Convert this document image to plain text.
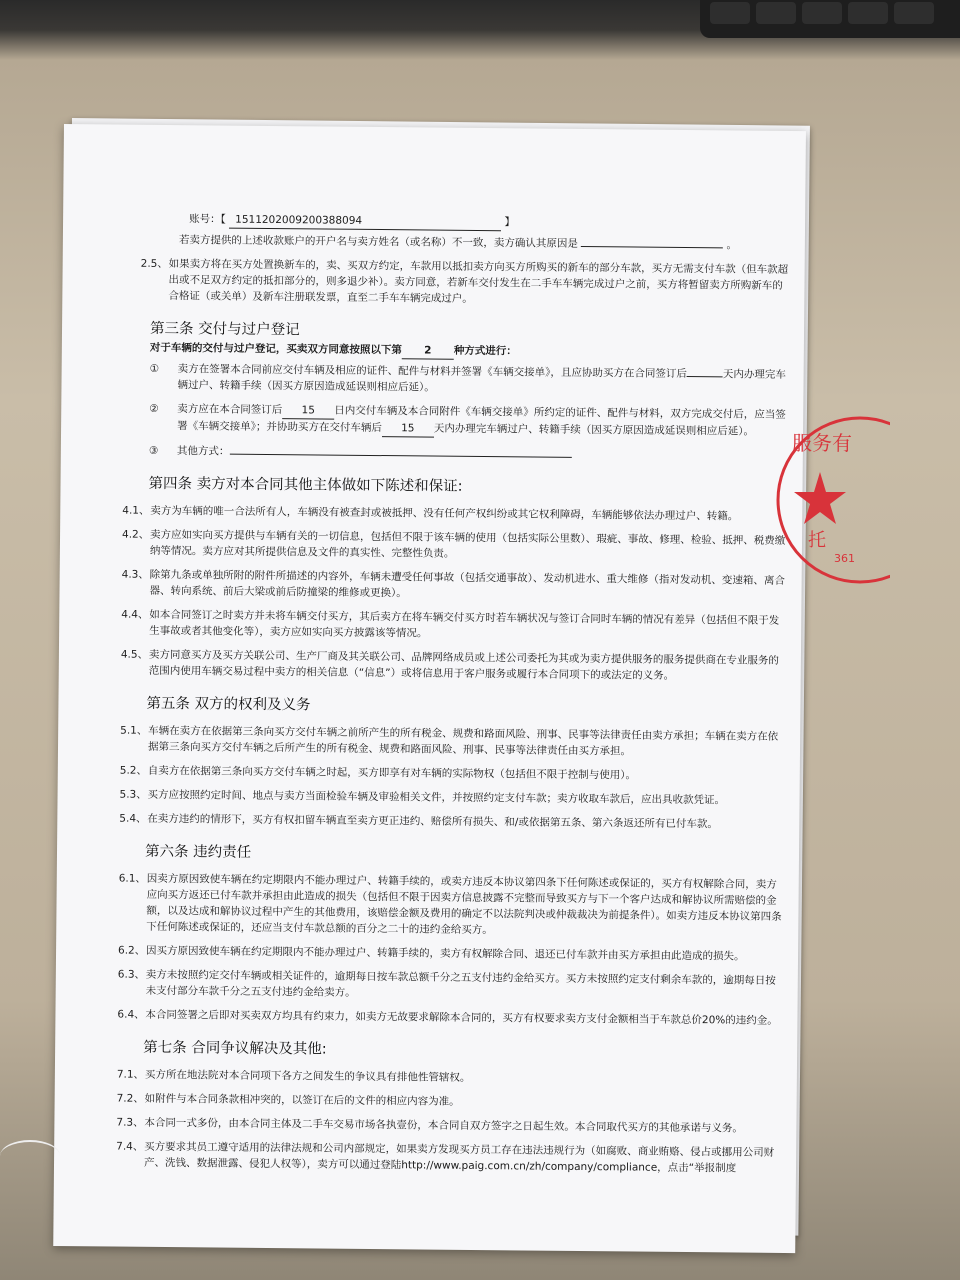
账号：【 1511202009200388094	】
若卖方提供的上述收款账户的开户名与卖方姓名（或名称）不一致，卖方确认其原因是	。
2.5、 如果卖方将在买方处置换新车的，卖、买双方约定，车款用以抵扣卖方向买方所购买的新车的部分车款，买方无需支付车款（但车款超出或不足双方约定的抵扣部分的，则多退少补）。卖方同意，若新车交付发生在二手车车辆完成过户之前，买方将暂留卖方所购新车的合格证（或关单）及新车注册联发票，直至二手车车辆完成过户。
第三条 交付与过户登记
对于车辆的交付与过户登记，买卖双方同意按照以下第 2 种方式进行：
①	卖方在签署本合同前应交付车辆及相应的证件、配件与材料并签署《车辆交接单》，且应协助买方在合同签订后	天内办理完车辆过户、转籍手续（因买方原因造成延误则相应后延）。
②	卖方应在本合同签订后 15 日内交付车辆及本合同附件《车辆交接单》所约定的证件、配件与材料，双方完成交付后，应当签署《车辆交接单》；并协助买方在交付车辆后 15 天内办理完车辆过户、转籍手续（因买方原因造成延误则相应后延）。
③	其他方式：
第四条 卖方对本合同其他主体做如下陈述和保证:
4.1、 卖方为车辆的唯一合法所有人，车辆没有被查封或被抵押、没有任何产权纠纷或其它权利障碍，车辆能够依法办理过户、转籍。
4.2、 卖方应如实向买方提供与车辆有关的一切信息，包括但不限于该车辆的使用（包括实际公里数）、瑕疵、事故、修理、检验、抵押、税费缴纳等情况。卖方应对其所提供信息及文件的真实性、完整性负责。
4.3、 除第九条或单独所附的附件所描述的内容外，车辆未遭受任何事故（包括交通事故）、发动机进水、重大维修（指对发动机、变速箱、离合器、转向系统、前后大梁或前后防撞梁的维修或更换）。
4.4、 如本合同签订之时卖方并未将车辆交付买方，其后卖方在将车辆交付买方时若车辆状况与签订合同时车辆的情况有差异（包括但不限于发生事故或者其他变化等），卖方应如实向买方披露该等情况。
4.5、 卖方同意买方及买方关联公司、生产厂商及其关联公司、品牌网络成员或上述公司委托为其或为卖方提供服务的服务提供商在专业服务的范围内使用车辆交易过程中卖方的相关信息（“信息”）或将信息用于客户服务或履行本合同项下的或法定的义务。
第五条 双方的权利及义务
5.1、 车辆在卖方在依据第三条向买方交付车辆之前所产生的所有税金、规费和路面风险、刑事、民事等法律责任由卖方承担；车辆在卖方在依据第三条向买方交付车辆之后所产生的所有税金、规费和路面风险、刑事、民事等法律责任由买方承担。
5.2、 自卖方在依据第三条向买方交付车辆之时起，买方即享有对车辆的实际物权（包括但不限于控制与使用）。
5.3、 买方应按照约定时间、地点与卖方当面检验车辆及审验相关文件，并按照约定支付车款；卖方收取车款后，应出具收款凭证。
5.4、 在卖方违约的情形下，买方有权扣留车辆直至卖方更正违约、赔偿所有损失、和/或依据第五条、第六条返还所有已付车款。
第六条 违约责任
6.1、 因卖方原因致使车辆在约定期限内不能办理过户、转籍手续的，或卖方违反本协议第四条下任何陈述或保证的，买方有权解除合同，卖方应向买方返还已付车款并承担由此造成的损失（包括但不限于因卖方信息披露不完整而导致买方与下一个客户达成和解协议所需赔偿的金额，以及达成和解协议过程中产生的其他费用，该赔偿金额及费用的确定不以法院判决或仲裁裁决为前提条件）。如卖方违反本协议第四条下任何陈述或保证的，还应当支付车款总额的百分之二十的违约金给买方。
6.2、 因买方原因致使车辆在约定期限内不能办理过户、转籍手续的，卖方有权解除合同、退还已付车款并由买方承担由此造成的损失。
6.3、 卖方未按照约定交付车辆或相关证件的，逾期每日按车款总额千分之五支付违约金给买方。买方未按照约定支付剩余车款的，逾期每日按未支付部分车款千分之五支付违约金给卖方。
6.4、 本合同签署之后即对买卖双方均具有约束力，如卖方无故要求解除本合同的，买方有权要求卖方支付金额相当于车款总价20%的违约金。
第七条 合同争议解决及其他:
7.1、 买方所在地法院对本合同项下各方之间发生的争议具有排他性管辖权。
7.2、 如附件与本合同条款相冲突的，以签订在后的文件的相应内容为准。
7.3、 本合同一式多份，由本合同主体及二手车交易市场各执壹份，本合同自双方签字之日起生效。本合同取代买方的其他承诺与义务。
7.4、 买方要求其员工遵守适用的法律法规和公司内部规定，如果卖方发现买方员工存在违法违规行为（如腐败、商业贿赂、侵占或挪用公司财产、洗钱、数据泄露、侵犯人权等），卖方可以通过登陆http://www.paig.com.cn/zh/company/compliance，点击“举报制度
服务有
托
361
